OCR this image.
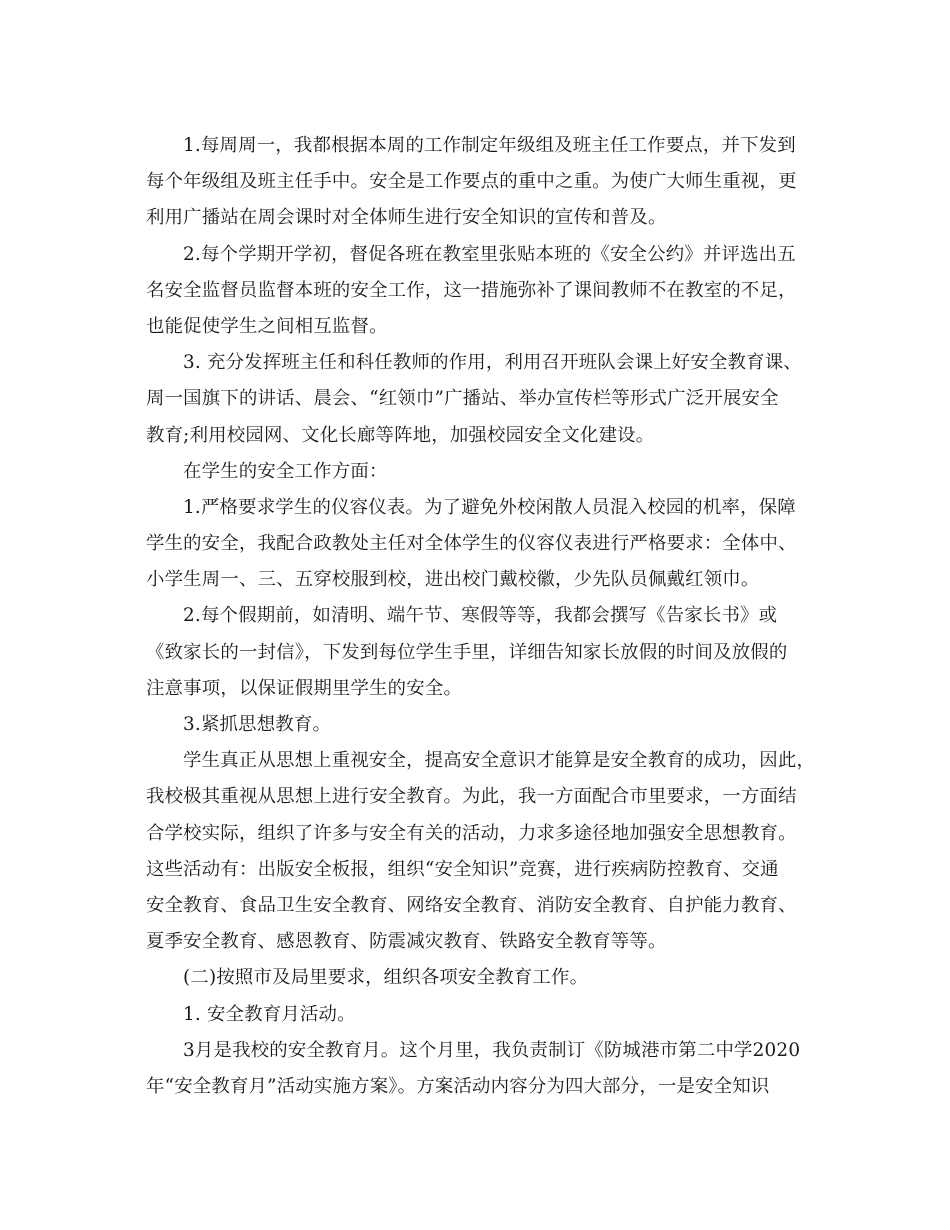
1.每周周一，我都根据本周的工作制定年级组及班主任工作要点，并下发到
每个年级组及班主任手中。安全是工作要点的重中之重。为使广大师生重视，更
利用广播站在周会课时对全体师生进行安全知识的宣传和普及。
2.每个学期开学初，督促各班在教室里张贴本班的《安全公约》并评选出五
名安全监督员监督本班的安全工作，这一措施弥补了课间教师不在教室的不足，
也能促使学生之间相互监督。
3. 充分发挥班主任和科任教师的作用，利用召开班队会课上好安全教育课、
周一国旗下的讲话、晨会、“红领巾”广播站、举办宣传栏等形式广泛开展安全
教育;利用校园网、文化长廊等阵地，加强校园安全文化建设。
在学生的安全工作方面：
1.严格要求学生的仪容仪表。为了避免外校闲散人员混入校园的机率，保障
学生的安全，我配合政教处主任对全体学生的仪容仪表进行严格要求：全体中、
小学生周一、三、五穿校服到校，进出校门戴校徽，少先队员佩戴红领巾。
2.每个假期前，如清明、端午节、寒假等等，我都会撰写《告家长书》或
《致家长的一封信》，下发到每位学生手里，详细告知家长放假的时间及放假的
注意事项，以保证假期里学生的安全。
3.紧抓思想教育。
学生真正从思想上重视安全，提高安全意识才能算是安全教育的成功，因此，
我校极其重视从思想上进行安全教育。为此，我一方面配合市里要求，一方面结
合学校实际，组织了许多与安全有关的活动，力求多途径地加强安全思想教育。
这些活动有：出版安全板报，组织“安全知识”竞赛，进行疾病防控教育、交通
安全教育、食品卫生安全教育、网络安全教育、消防安全教育、自护能力教育、
夏季安全教育、感恩教育、防震减灾教育、铁路安全教育等等。
(二)按照市及局里要求，组织各项安全教育工作。
1. 安全教育月活动。
3月是我校的安全教育月。这个月里，我负责制订《防城港市第二中学2020
年“安全教育月”活动实施方案》。方案活动内容分为四大部分，一是安全知识
